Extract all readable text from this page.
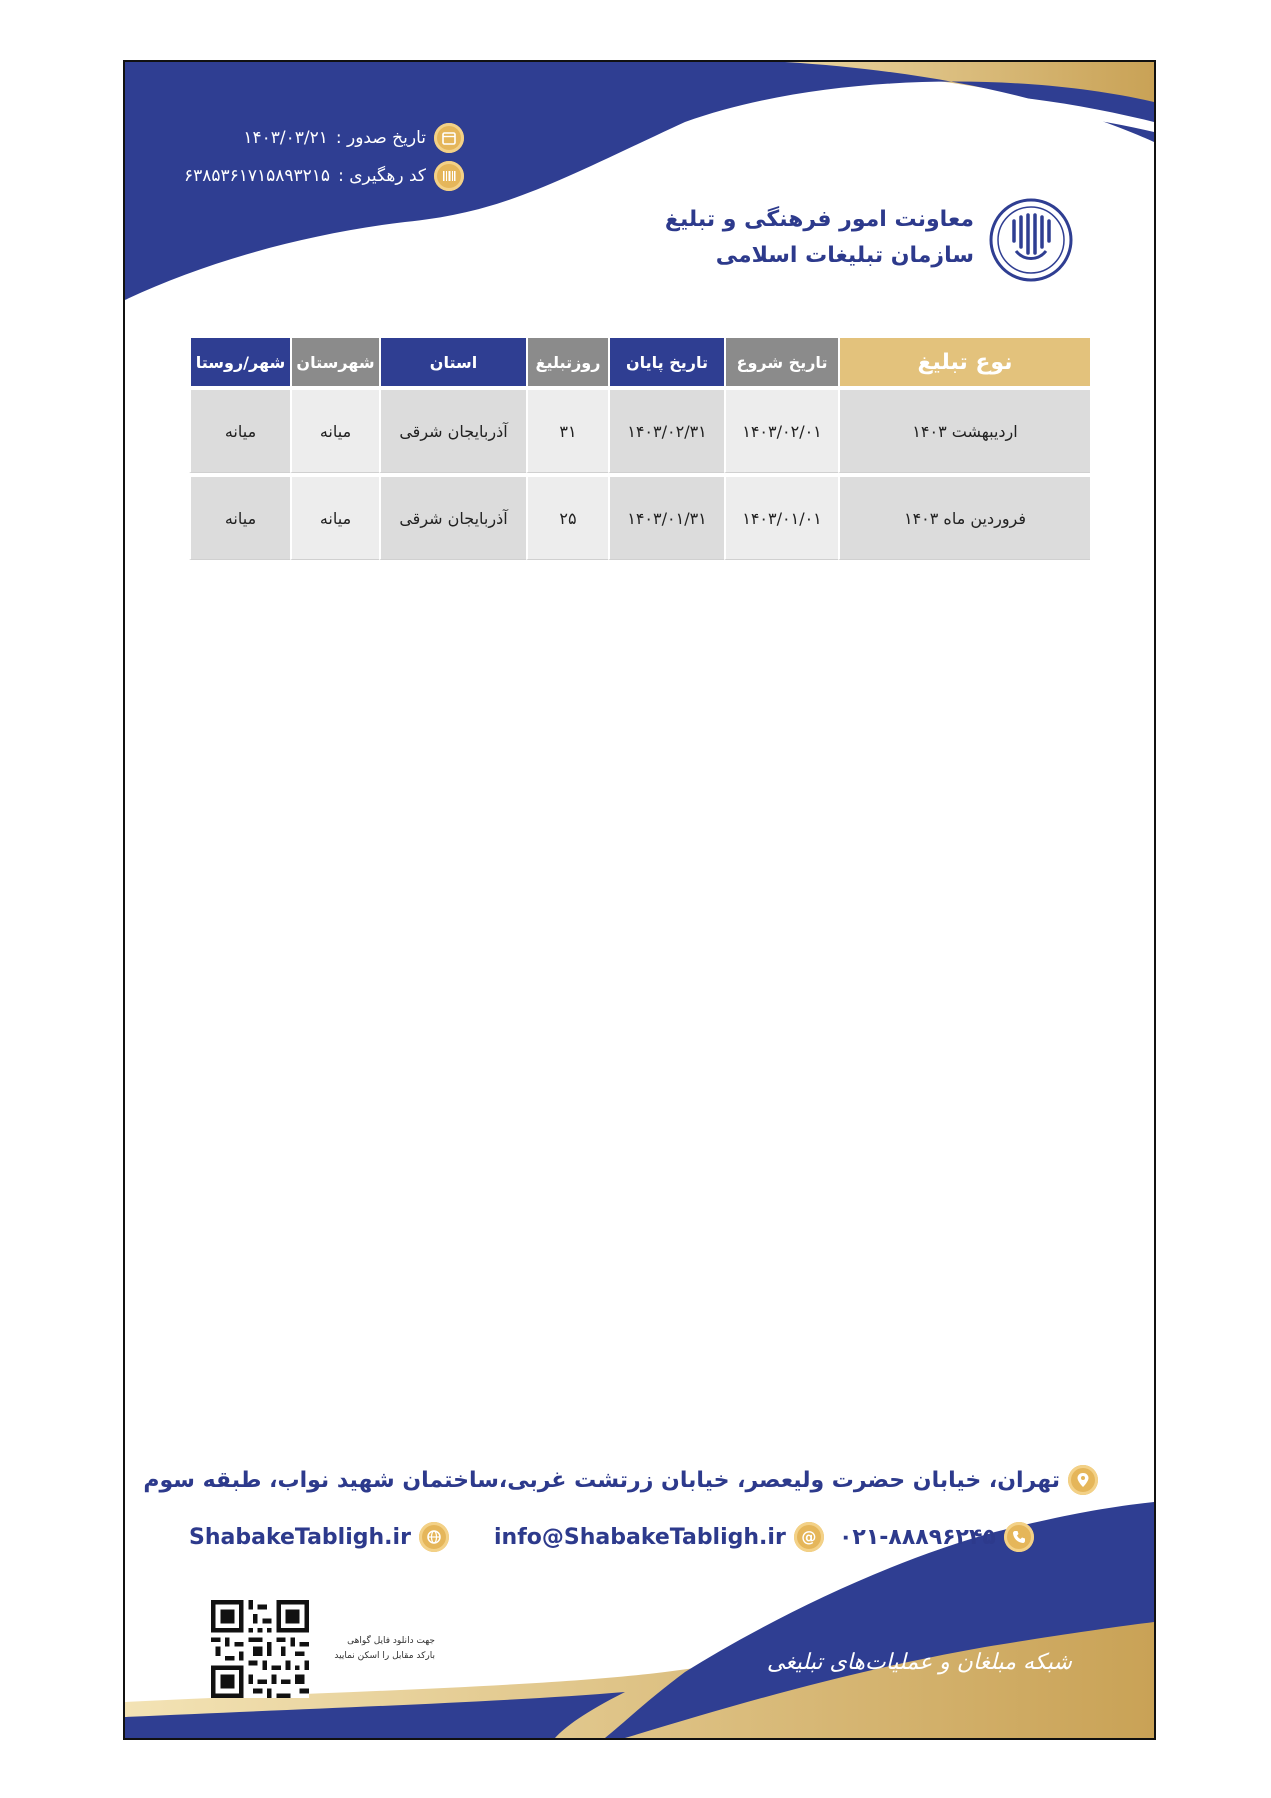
تاریخ صدور :
۱۴۰۳/۰۳/۲۱
کد رهگیری :
۶۳۸۵۳۶۱۷۱۵۸۹۳۲۱۵
معاونت امور فرهنگی و تبلیغ
سازمان تبلیغات اسلامی
نوع تبلیغ	تاریخ شروع	تاریخ پایان	روزتبلیغ	استان	شهرستان	شهر/روستا
اردیبهشت ۱۴۰۳	۱۴۰۳/۰۲/۰۱	۱۴۰۳/۰۲/۳۱	۳۱	آذربایجان شرقی	میانه	میانه
فروردین ماه ۱۴۰۳	۱۴۰۳/۰۱/۰۱	۱۴۰۳/۰۱/۳۱	۲۵	آذربایجان شرقی	میانه	میانه
تهران، خیابان حضرت ولیعصر، خیابان زرتشت غربی،ساختمان شهید نواب، طبقه سوم
ShabakeTabligh.ir	info@ShabakeTabligh.ir	@	۰۲۱-۸۸۸۹۶۲۴۵
جهت دانلود فایل گواهی
بارکد مقابل را اسکن نمایید	شبکه مبلغان و عملیات‌های تبلیغی
